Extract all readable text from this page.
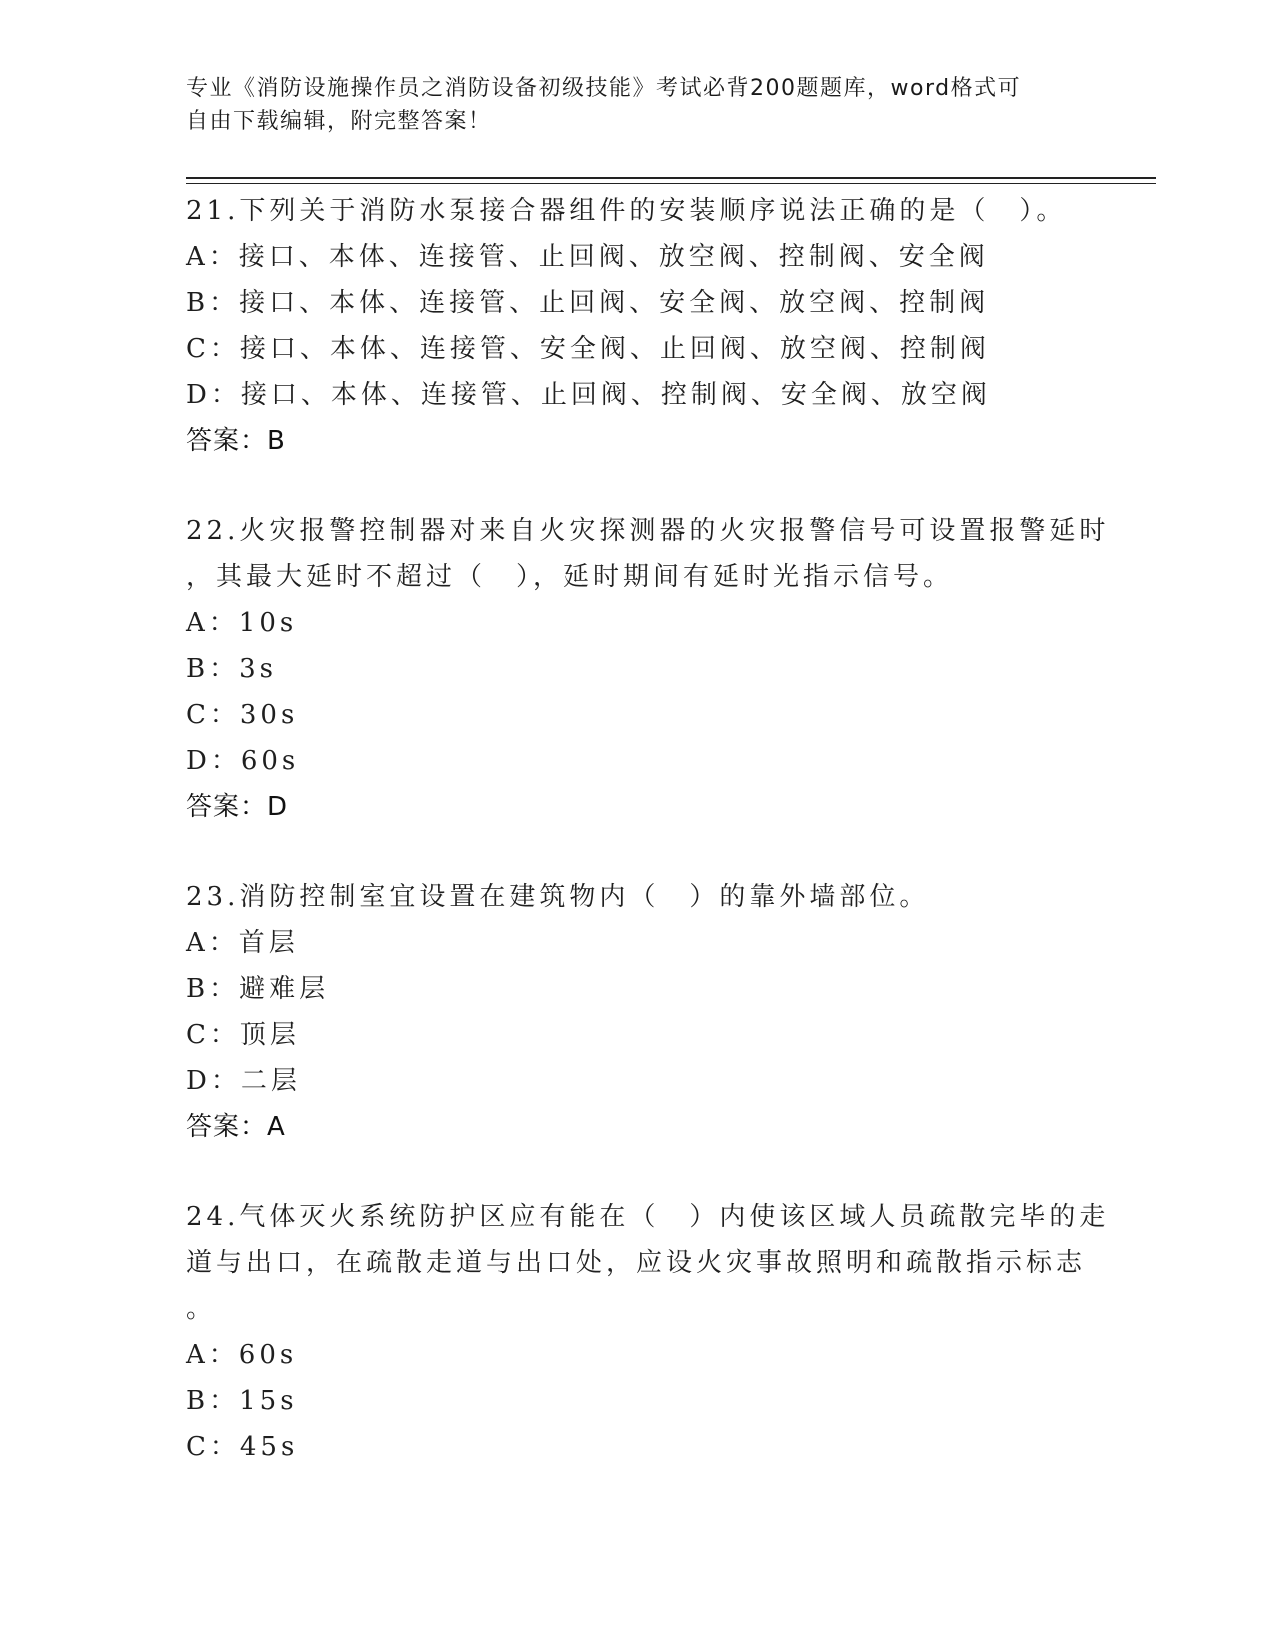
专业《消防设施操作员之消防设备初级技能》考试必背200题题库，word格式可
自由下载编辑，附完整答案！
21.下列关于消防水泵接合器组件的安装顺序说法正确的是（　）。
A：接口、本体、连接管、止回阀、放空阀、控制阀、安全阀
B：接口、本体、连接管、止回阀、安全阀、放空阀、控制阀
C：接口、本体、连接管、安全阀、止回阀、放空阀、控制阀
D：接口、本体、连接管、止回阀、控制阀、安全阀、放空阀
答案：B
22.火灾报警控制器对来自火灾探测器的火灾报警信号可设置报警延时
，其最大延时不超过（　），延时期间有延时光指示信号。
A：10s
B：3s
C：30s
D：60s
答案：D
23.消防控制室宜设置在建筑物内（　）的靠外墙部位。
A：首层
B：避难层
C：顶层
D：二层
答案：A
24.气体灭火系统防护区应有能在（　）内使该区域人员疏散完毕的走
道与出口，在疏散走道与出口处，应设火灾事故照明和疏散指示标志
。
A：60s
B：15s
C：45s
